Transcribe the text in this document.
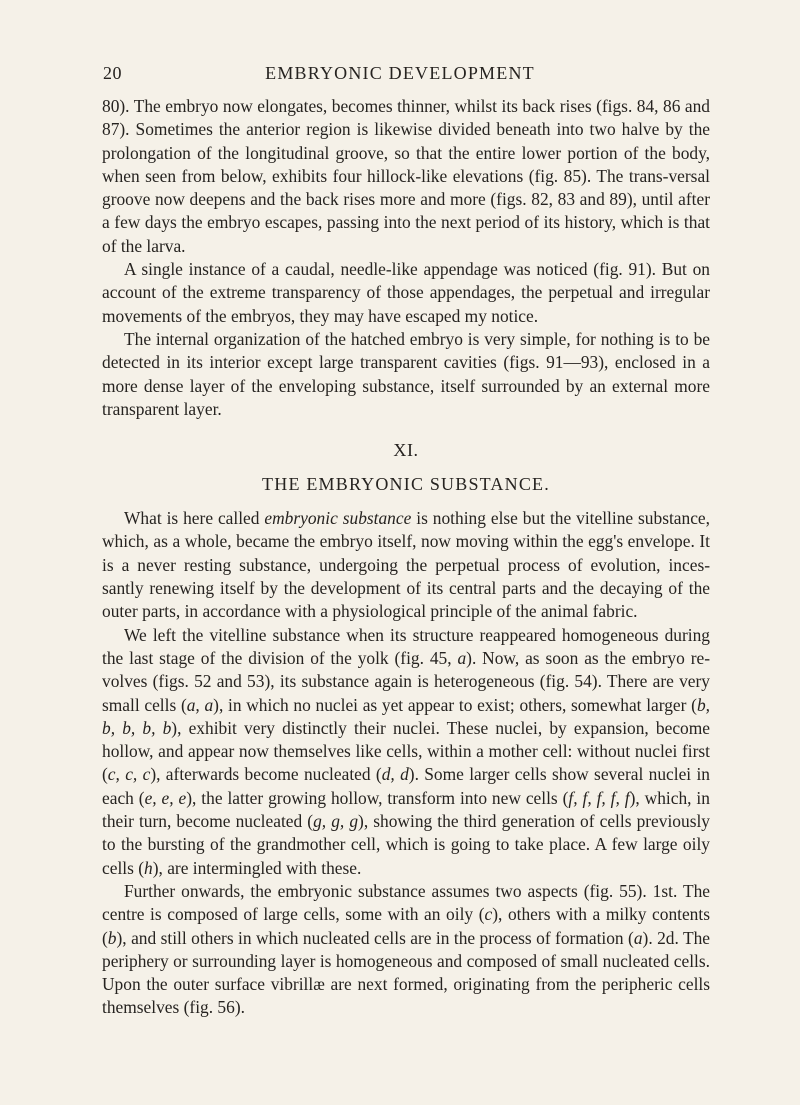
20	EMBRYONIC DEVELOPMENT

80). The embryo now elongates, becomes thinner, whilst its back rises (figs. 84, 86 and 87). Sometimes the anterior region is likewise divided beneath into two halve by the prolongation of the longitudinal groove, so that the entire lower portion of the body, when seen from below, exhibits four hillock-like elevations (fig. 85). The trans-versal groove now deepens and the back rises more and more (figs. 82, 83 and 89), until after a few days the embryo escapes, passing into the next period of its history, which is that of the larva.

A single instance of a caudal, needle-like appendage was noticed (fig. 91). But on account of the extreme transparency of those appendages, the perpetual and irregular movements of the embryos, they may have escaped my notice.

The internal organization of the hatched embryo is very simple, for nothing is to be detected in its interior except large transparent cavities (figs. 91—93), enclosed in a more dense layer of the enveloping substance, itself surrounded by an external more transparent layer.

XI.
THE EMBRYONIC SUBSTANCE.

What is here called embryonic substance is nothing else but the vitelline substance, which, as a whole, became the embryo itself, now moving within the egg's envelope. It is a never resting substance, undergoing the perpetual process of evolution, inces-santly renewing itself by the development of its central parts and the decaying of the outer parts, in accordance with a physiological principle of the animal fabric.

We left the vitelline substance when its structure reappeared homogeneous during the last stage of the division of the yolk (fig. 45, a). Now, as soon as the embryo re-volves (figs. 52 and 53), its substance again is heterogeneous (fig. 54). There are very small cells (a, a), in which no nuclei as yet appear to exist; others, somewhat larger (b, b, b, b, b), exhibit very distinctly their nuclei. These nuclei, by expansion, become hollow, and appear now themselves like cells, within a mother cell: without nuclei first (c, c, c), afterwards become nucleated (d, d). Some larger cells show several nuclei in each (e, e, e), the latter growing hollow, transform into new cells (f, f, f, f, f), which, in their turn, become nucleated (g, g, g), showing the third generation of cells previously to the bursting of the grandmother cell, which is going to take place. A few large oily cells (h), are intermingled with these.

Further onwards, the embryonic substance assumes two aspects (fig. 55). 1st. The centre is composed of large cells, some with an oily (c), others with a milky contents (b), and still others in which nucleated cells are in the process of formation (a). 2d. The periphery or surrounding layer is homogeneous and composed of small nucleated cells. Upon the outer surface vibrillæ are next formed, originating from the peripheric cells themselves (fig. 56).
